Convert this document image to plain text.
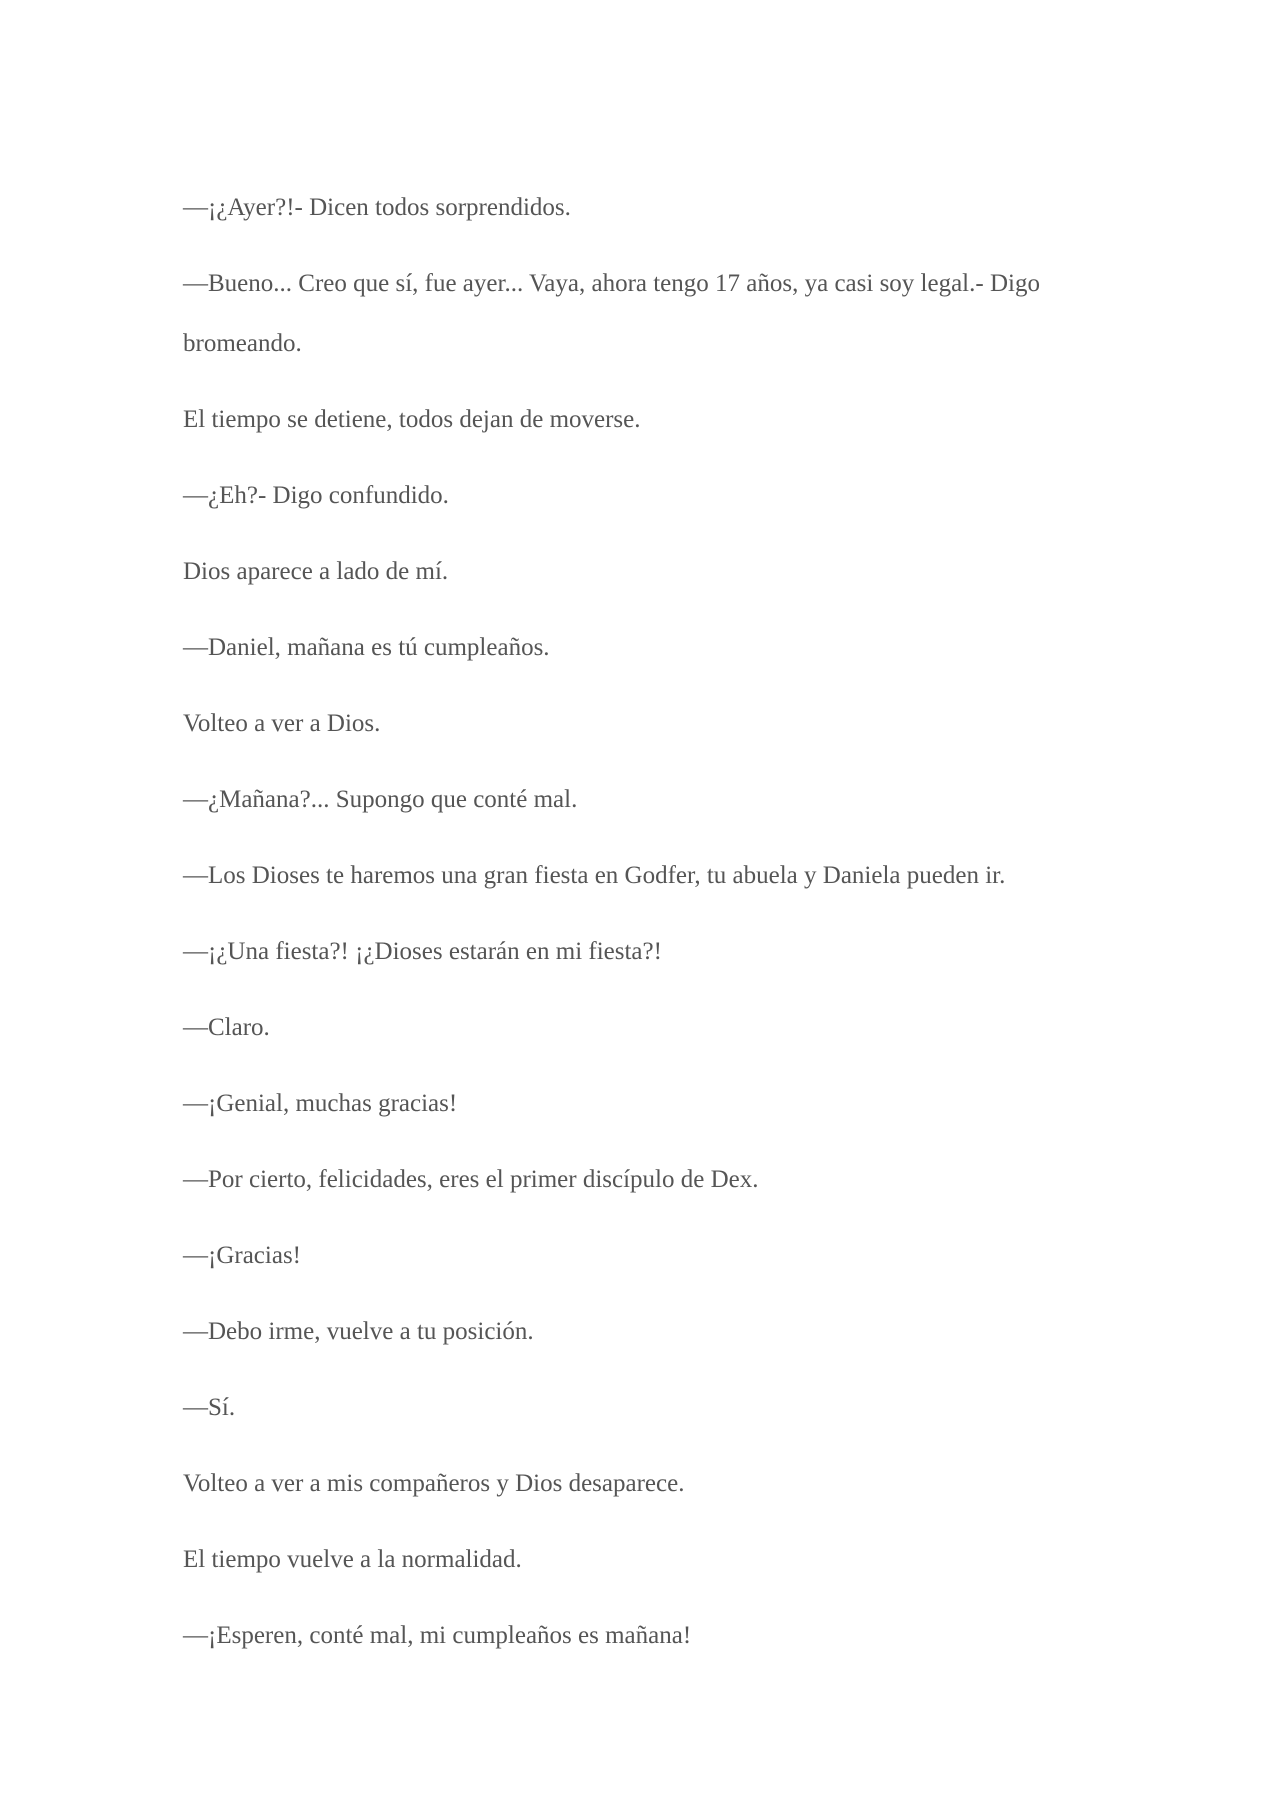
—¡¿Ayer?!- Dicen todos sorprendidos.

—Bueno... Creo que sí, fue ayer... Vaya, ahora tengo 17 años, ya casi soy legal.- Digo bromeando.

El tiempo se detiene, todos dejan de moverse.

—¿Eh?- Digo confundido.

Dios aparece a lado de mí.

—Daniel, mañana es tú cumpleaños.

Volteo a ver a Dios.

—¿Mañana?... Supongo que conté mal.

—Los Dioses te haremos una gran fiesta en Godfer, tu abuela y Daniela pueden ir.

—¡¿Una fiesta?! ¡¿Dioses estarán en mi fiesta?!

—Claro.

—¡Genial, muchas gracias!

—Por cierto, felicidades, eres el primer discípulo de Dex.

—¡Gracias!

—Debo irme, vuelve a tu posición.

—Sí.

Volteo a ver a mis compañeros y Dios desaparece.

El tiempo vuelve a la normalidad.

—¡Esperen, conté mal, mi cumpleaños es mañana!
